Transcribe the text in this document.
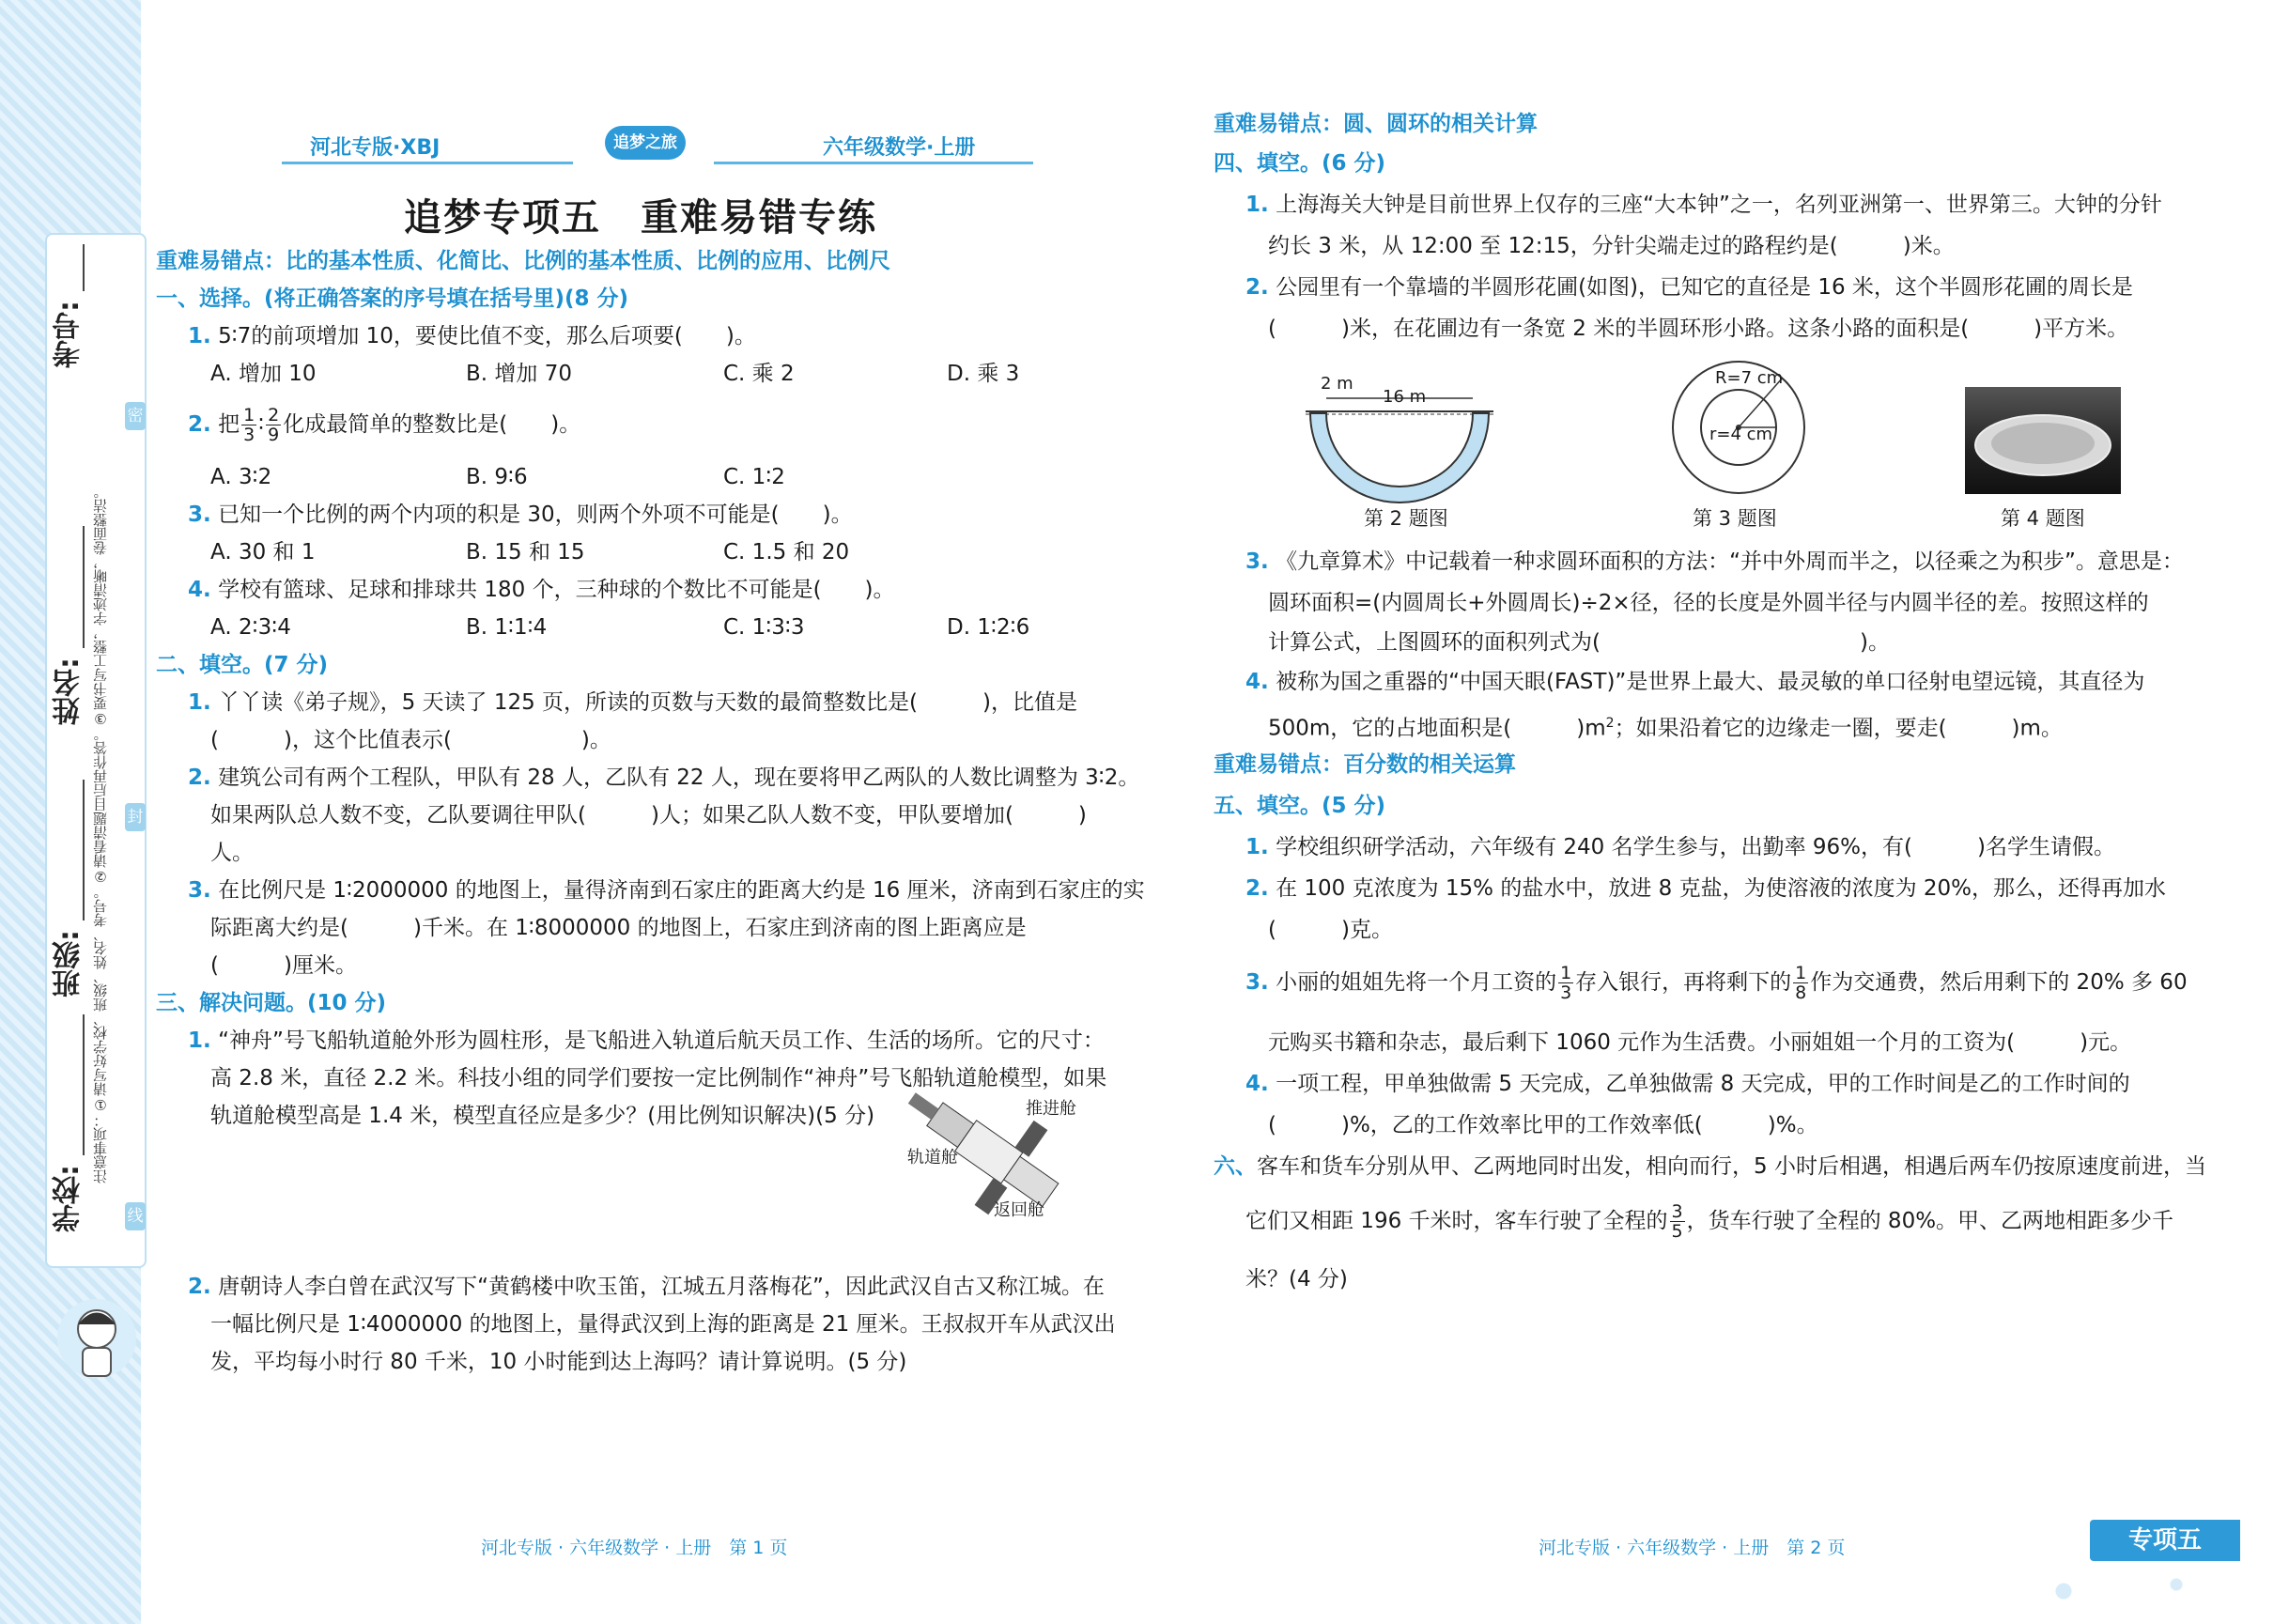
考号:
姓名:
班级:
学校:
注意事项：①请写好学校、班级、姓名、考号。②请看清题目后再作答。③要书写工整，字迹清晰，卷面整洁。
密
封
线
河北专版·XBJ	追梦之旅	六年级数学·上册
追梦专项五　重难易错专练
重难易错点：比的基本性质、化简比、比例的基本性质、比例的应用、比例尺
一、选择。(将正确答案的序号填在括号里)(8 分)
1. 5∶7的前项增加 10，要使比值不变，那么后项要(　　)。
A. 增加 10	B. 增加 70	C. 乘 2	D. 乘 3
2. 把 $\frac{1}{3}$ ∶ $\frac{2}{9}$ 化成最简单的整数比是(　　)。
A. 3∶2	B. 9∶6	C. 1∶2
3. 已知一个比例的两个内项的积是 30，则两个外项不可能是(　　)。
A. 30 和 1	B. 15 和 15	C. 1.5 和 20
4. 学校有篮球、足球和排球共 180 个，三种球的个数比不可能是(　　)。
A. 2∶3∶4	B. 1∶1∶4	C. 1∶3∶3	D. 1∶2∶6
二、填空。(7 分)
1. 丫丫读《弟子规》，5 天读了 125 页，所读的页数与天数的最简整数比是(　　　)，比值是
(　　　)，这个比值表示(　　　　　　)。
2. 建筑公司有两个工程队，甲队有 28 人，乙队有 22 人，现在要将甲乙两队的人数比调整为 3∶2。
如果两队总人数不变，乙队要调往甲队(　　　)人；如果乙队人数不变，甲队要增加(　　　)
人。
3. 在比例尺是 1∶2000000 的地图上，量得济南到石家庄的距离大约是 16 厘米，济南到石家庄的实
际距离大约是(　　　)千米。在 1∶8000000 的地图上，石家庄到济南的图上距离应是
(　　　)厘米。
三、解决问题。(10 分)
1. “神舟”号飞船轨道舱外形为圆柱形，是飞船进入轨道后航天员工作、生活的场所。它的尺寸：
高 2.8 米，直径 2.2 米。科技小组的同学们要按一定比例制作“神舟”号飞船轨道舱模型，如果
轨道舱模型高是 1.4 米，模型直径应是多少？(用比例知识解决)(5 分)
2. 唐朝诗人李白曾在武汉写下“黄鹤楼中吹玉笛，江城五月落梅花”，因此武汉自古又称江城。在
一幅比例尺是 1∶4000000 的地图上，量得武汉到上海的距离是 21 厘米。王叔叔开车从武汉出
发，平均每小时行 80 千米，10 小时能到达上海吗？请计算说明。(5 分)
推进舱
轨道舱
返回舱
重难易错点：圆、圆环的相关计算
四、填空。(6 分)
1. 上海海关大钟是目前世界上仅存的三座“大本钟”之一，名列亚洲第一、世界第三。大钟的分针
约长 3 米，从 12:00 至 12:15，分针尖端走过的路程约是(　　　)米。
2. 公园里有一个靠墙的半圆形花圃(如图)，已知它的直径是 16 米，这个半圆形花圃的周长是
(　　　)米，在花圃边有一条宽 2 米的半圆环形小路。这条小路的面积是(　　　)平方米。
3. 《九章算术》中记载着一种求圆环面积的方法：“并中外周而半之，以径乘之为积步”。意思是：
圆环面积=(内圆周长+外圆周长)÷2×径，径的长度是外圆半径与内圆半径的差。按照这样的
计算公式，上图圆环的面积列式为(　　　　　　　　　　　　)。
4. 被称为国之重器的“中国天眼(FAST)”是世界上最大、最灵敏的单口径射电望远镜，其直径为
500m，它的占地面积是(　　　)$m^2$；如果沿着它的边缘走一圈，要走(　　　)m。
重难易错点：百分数的相关运算
五、填空。(5 分)
1. 学校组织研学活动，六年级有 240 名学生参与，出勤率 96%，有(　　　)名学生请假。
2. 在 100 克浓度为 15% 的盐水中，放进 8 克盐，为使溶液的浓度为 20%，那么，还得再加水
(　　　)克。
3. 小丽的姐姐先将一个月工资的 $\frac{1}{3}$ 存入银行，再将剩下的 $\frac{1}{8}$ 作为交通费，然后用剩下的 20% 多 60
元购买书籍和杂志，最后剩下 1060 元作为生活费。小丽姐姐一个月的工资为(　　　)元。
4. 一项工程，甲单独做需 5 天完成，乙单独做需 8 天完成，甲的工作时间是乙的工作时间的
(　　　)%，乙的工作效率比甲的工作效率低(　　　)%。
六、客车和货车分别从甲、乙两地同时出发，相向而行，5 小时后相遇，相遇后两车仍按原速度前进，当
它们又相距 196 千米时，客车行驶了全程的 $\frac{3}{5}$ ，货车行驶了全程的 80%。甲、乙两地相距多少千
米？(4 分)
2 m
16 m
第 2 题图
R=7 cm
r=4 cm
第 3 题图	第 4 题图
河北专版 · 六年级数学 · 上册　第 1 页	河北专版 · 六年级数学 · 上册　第 2 页	专项五
